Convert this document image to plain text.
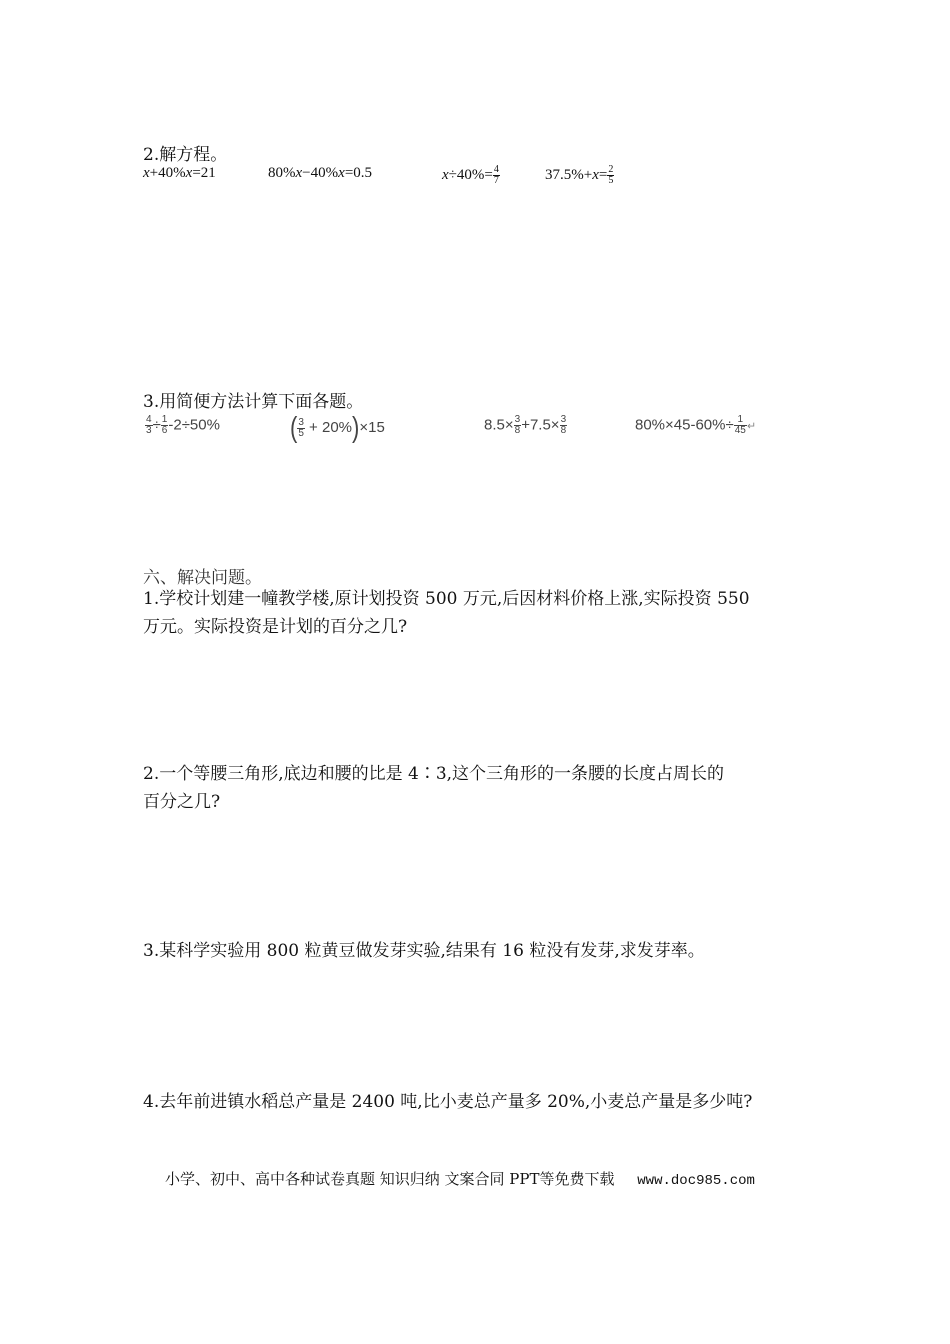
2.解方程。
x+40%x=21	80%x−40%x=0.5	$x\div 40\%= \frac{4}{7}$	$37.5\%+x= \frac{2}{5}$
3.用简便方法计算下面各题。
$\frac{4}{3} \div \frac{1}{6} -2\div 50\%$	( $\frac{3}{5} + 20\%)\times 15$	$8.5\times \frac{3}{8} +7.5\times \frac{3}{8}$	$80\%\times 45-60\%\div \frac{1}{45}$ ↵
六、解决问题。
1.学校计划建一幢教学楼,原计划投资 500 万元,后因材料价格上涨,实际投资 550
万元。实际投资是计划的百分之几?
2.一个等腰三角形,底边和腰的比是 4∶3,这个三角形的一条腰的长度占周长的
百分之几?
3.某科学实验用 800 粒黄豆做发芽实验,结果有 16 粒没有发芽,求发芽率。
4.去年前进镇水稻总产量是 2400 吨,比小麦总产量多 20%,小麦总产量是多少吨?
小学、初中、高中各种试卷真题 知识归纳 文案合同 PPT等免费下载 www.doc985.com
